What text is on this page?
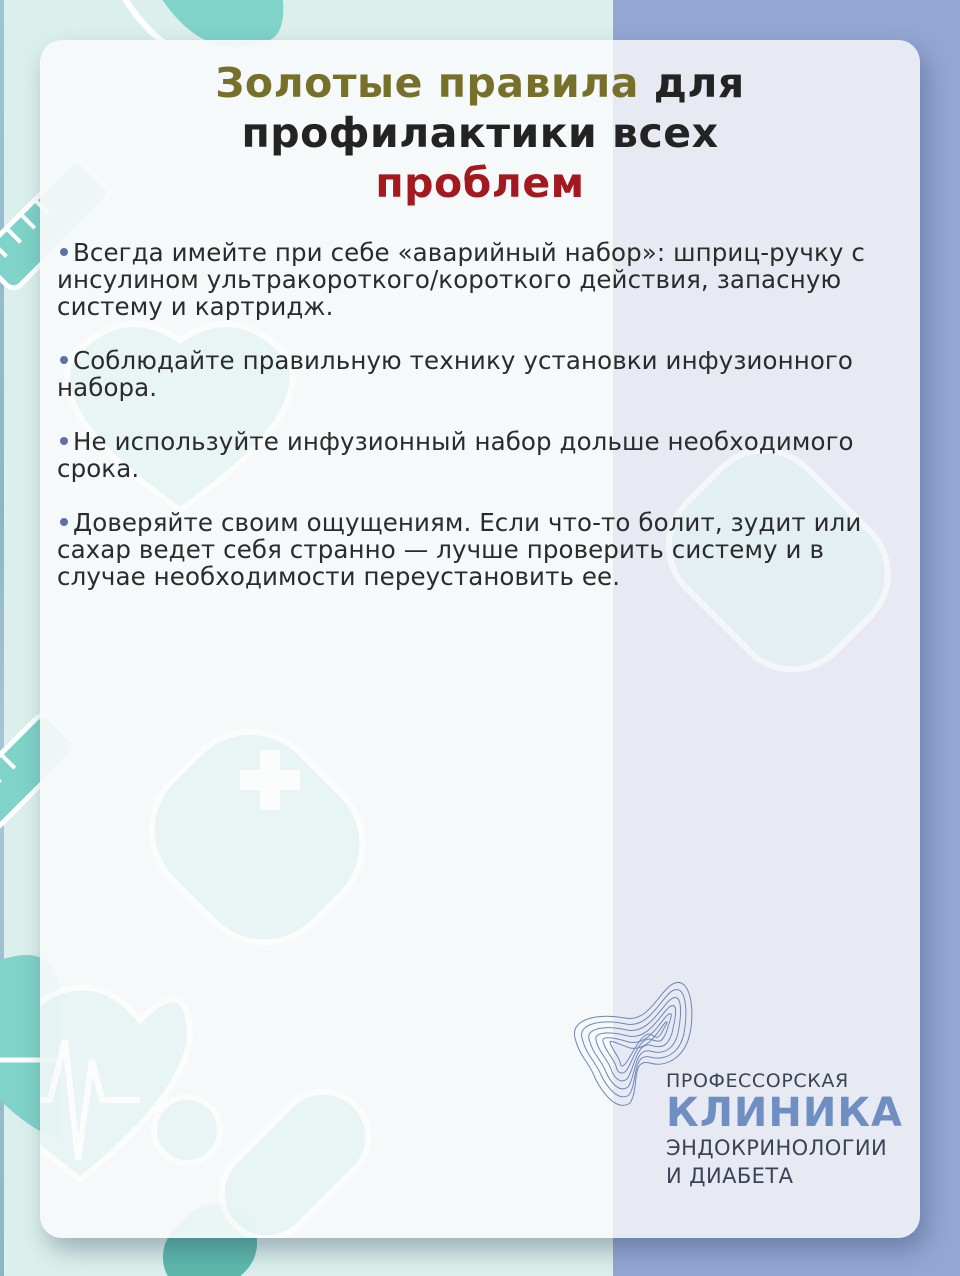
Золотые правила для
профилактики всех
проблем
Всегда имейте при себе «аварийный набор»: шприц-ручку с инсулином ультракороткого/короткого действия, запасную систему и картридж.
Соблюдайте правильную технику установки инфузионного набора.
Не используйте инфузионный набор дольше необходимого срока.
Доверяйте своим ощущениям. Если что-то болит, зудит или сахар ведет себя странно — лучше проверить систему и в случае необходимости переустановить ее.
ПРОФЕССОРСКАЯ
КЛИНИКА
ЭНДОКРИНОЛОГИИ
И ДИАБЕТА
